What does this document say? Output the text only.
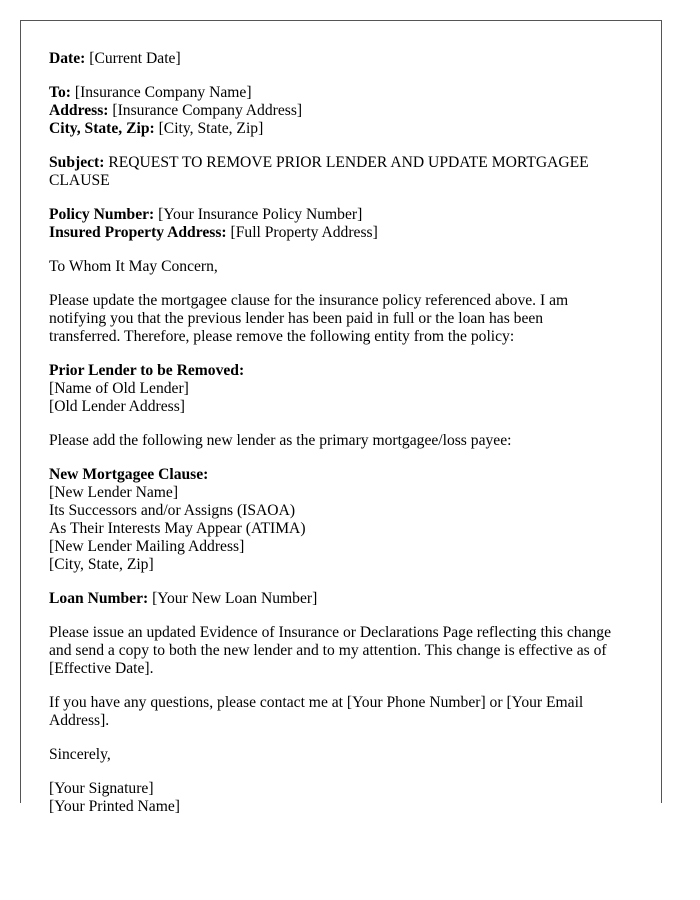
Date: [Current Date]
To: [Insurance Company Name]
Address: [Insurance Company Address]
City, State, Zip: [City, State, Zip]
Subject: REQUEST TO REMOVE PRIOR LENDER AND UPDATE MORTGAGEE
CLAUSE
Policy Number: [Your Insurance Policy Number]
Insured Property Address: [Full Property Address]
To Whom It May Concern,
Please update the mortgagee clause for the insurance policy referenced above. I am
notifying you that the previous lender has been paid in full or the loan has been
transferred. Therefore, please remove the following entity from the policy:
Prior Lender to be Removed:
[Name of Old Lender]
[Old Lender Address]
Please add the following new lender as the primary mortgagee/loss payee:
New Mortgagee Clause:
[New Lender Name]
Its Successors and/or Assigns (ISAOA)
As Their Interests May Appear (ATIMA)
[New Lender Mailing Address]
[City, State, Zip]
Loan Number: [Your New Loan Number]
Please issue an updated Evidence of Insurance or Declarations Page reflecting this change
and send a copy to both the new lender and to my attention. This change is effective as of
[Effective Date].
If you have any questions, please contact me at [Your Phone Number] or [Your Email
Address].
Sincerely,
[Your Signature]
[Your Printed Name]
